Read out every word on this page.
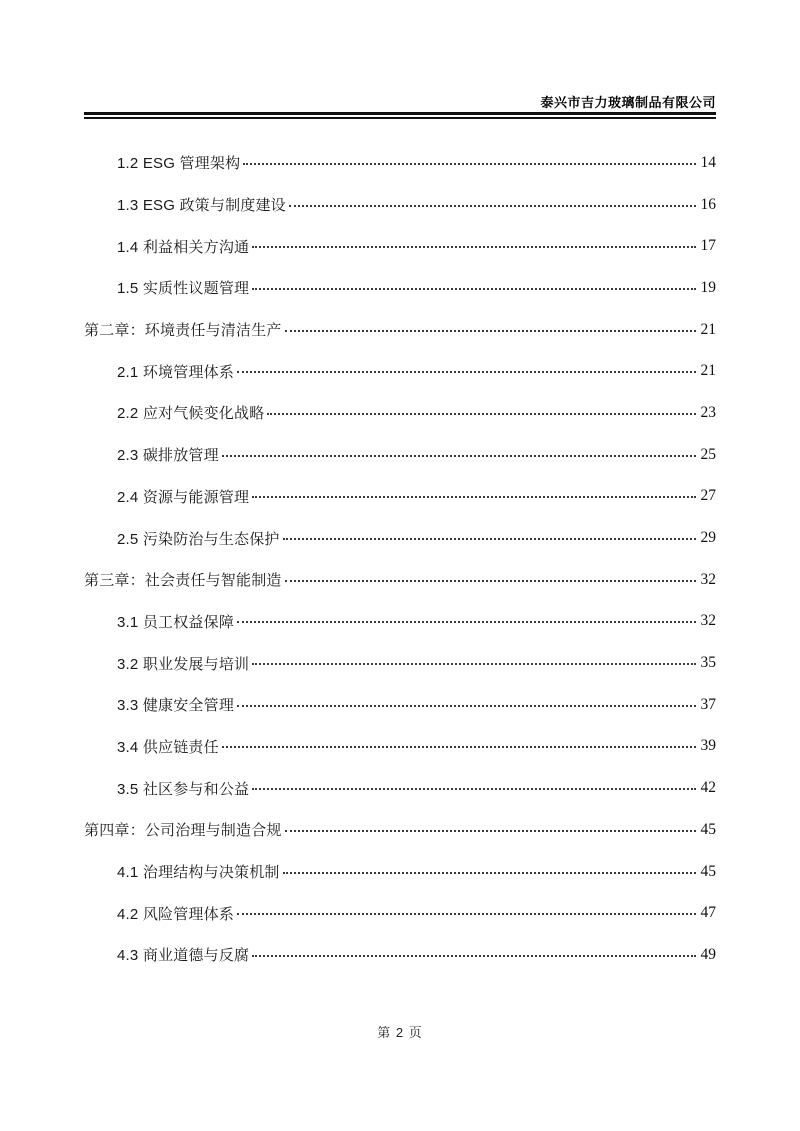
泰兴市吉力玻璃制品有限公司
1.2 ESG 管理架构	14
1.3 ESG 政策与制度建设	16
1.4 利益相关方沟通	17
1.5 实质性议题管理	19
第二章：环境责任与清洁生产	21
2.1 环境管理体系	21
2.2 应对气候变化战略	23
2.3 碳排放管理	25
2.4 资源与能源管理	27
2.5 污染防治与生态保护	29
第三章：社会责任与智能制造	32
3.1 员工权益保障	32
3.2 职业发展与培训	35
3.3 健康安全管理	37
3.4 供应链责任	39
3.5 社区参与和公益	42
第四章：公司治理与制造合规	45
4.1 治理结构与决策机制	45
4.2 风险管理体系	47
4.3 商业道德与反腐	49
第 2 页
